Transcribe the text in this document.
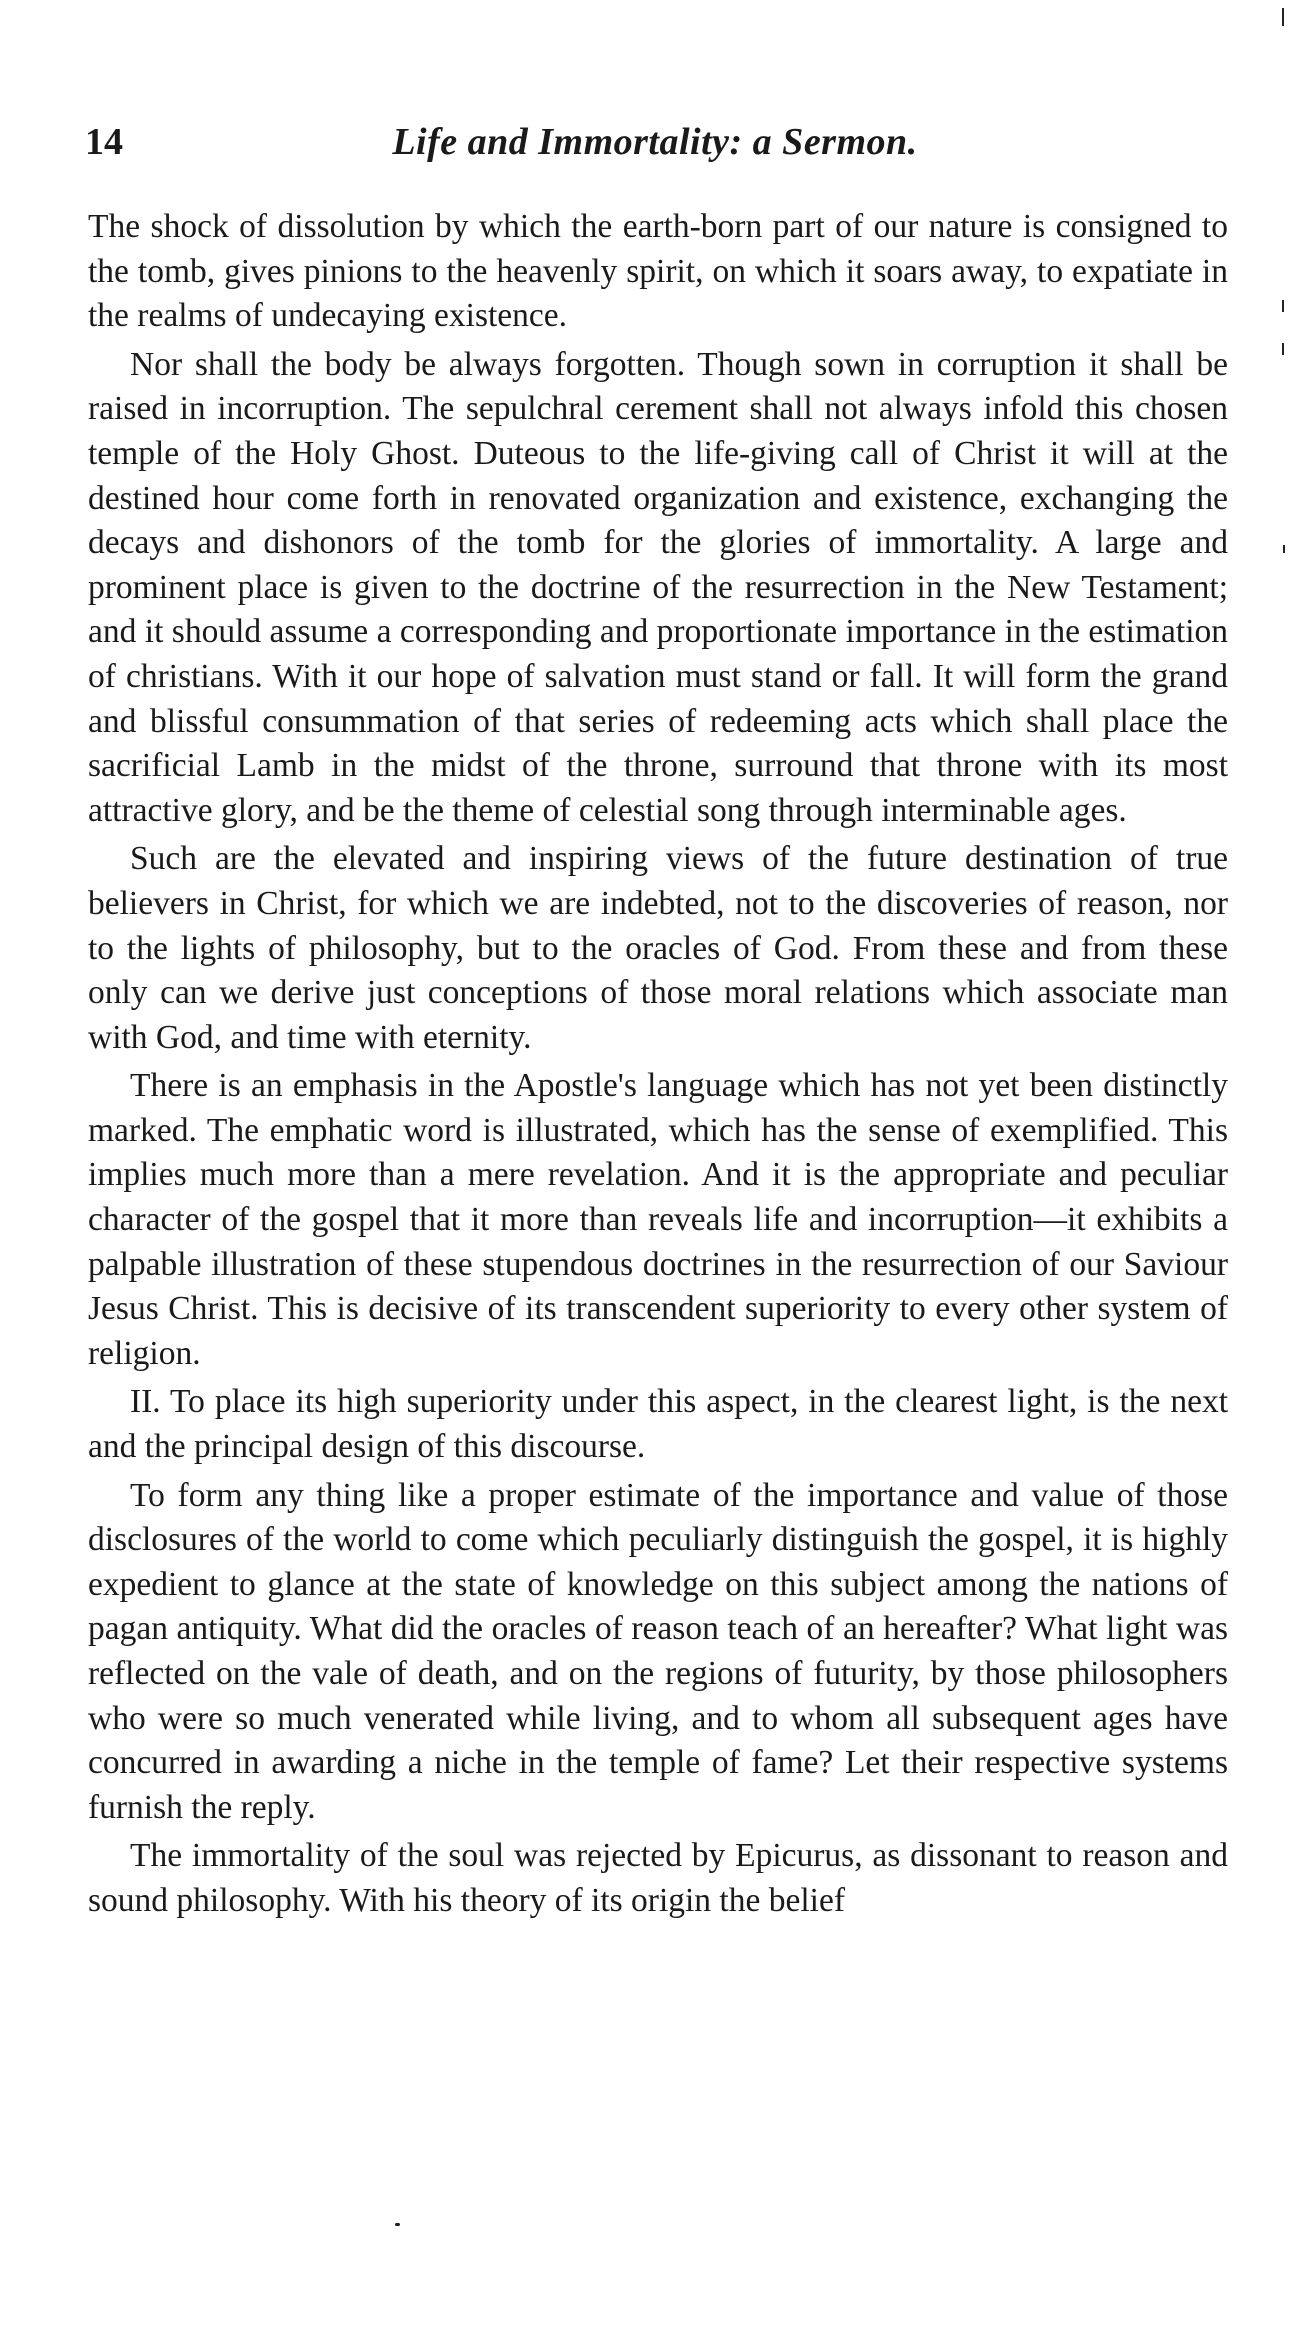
14	Life and Immortality: a Sermon.

The shock of dissolution by which the earth-born part of our nature is consigned to the tomb, gives pinions to the heavenly spirit, on which it soars away, to expatiate in the realms of undecaying existence.

Nor shall the body be always forgotten. Though sown in corruption it shall be raised in incorruption. The sepulchral cerement shall not always infold this chosen temple of the Holy Ghost. Duteous to the life-giving call of Christ it will at the destined hour come forth in renovated organization and existence, exchanging the decays and dishonors of the tomb for the glories of immortality. A large and prominent place is given to the doctrine of the resurrection in the New Testament; and it should assume a corresponding and proportionate importance in the estimation of christians. With it our hope of salvation must stand or fall. It will form the grand and blissful consummation of that series of redeeming acts which shall place the sacrificial Lamb in the midst of the throne, surround that throne with its most attractive glory, and be the theme of celestial song through interminable ages.

Such are the elevated and inspiring views of the future destination of true believers in Christ, for which we are indebted, not to the discoveries of reason, nor to the lights of philosophy, but to the oracles of God. From these and from these only can we derive just conceptions of those moral relations which associate man with God, and time with eternity.

There is an emphasis in the Apostle's language which has not yet been distinctly marked. The emphatic word is illustrated, which has the sense of exemplified. This implies much more than a mere revelation. And it is the appropriate and peculiar character of the gospel that it more than reveals life and incorruption—it exhibits a palpable illustration of these stupendous doctrines in the resurrection of our Saviour Jesus Christ. This is decisive of its transcendent superiority to every other system of religion.

II. To place its high superiority under this aspect, in the clearest light, is the next and the principal design of this discourse.

To form any thing like a proper estimate of the importance and value of those disclosures of the world to come which peculiarly distinguish the gospel, it is highly expedient to glance at the state of knowledge on this subject among the nations of pagan antiquity. What did the oracles of reason teach of an hereafter? What light was reflected on the vale of death, and on the regions of futurity, by those philosophers who were so much venerated while living, and to whom all subsequent ages have concurred in awarding a niche in the temple of fame? Let their respective systems furnish the reply.

The immortality of the soul was rejected by Epicurus, as dissonant to reason and sound philosophy. With his theory of its origin the belief
